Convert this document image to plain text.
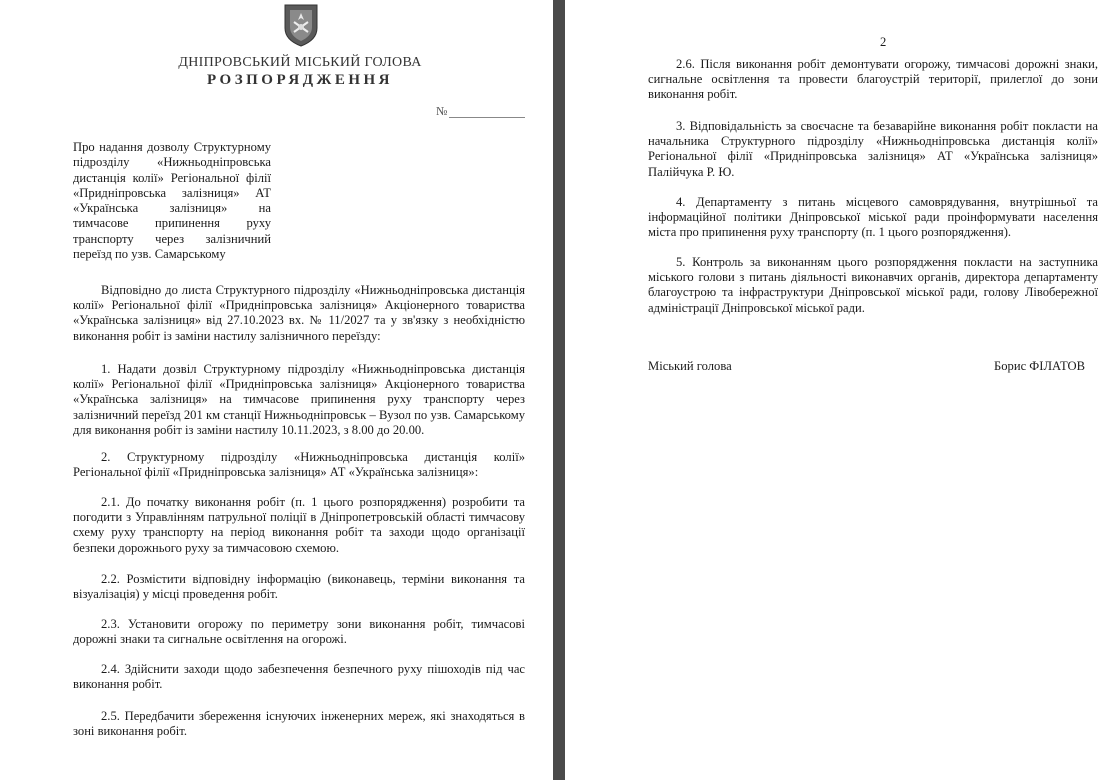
ДНІПРОВСЬКИЙ МІСЬКИЙ ГОЛОВА
РОЗПОРЯДЖЕННЯ
№

Про надання дозволу Структурному підрозділу «Нижньодніпровська дистанція колії» Регіональної філії «Придніпровська залізниця» АТ «Українська залізниця» на тимчасове припинення руху транспорту через залізничний переїзд по узв. Самарському

Відповідно до листа Структурного підрозділу «Нижньодніпровська дистанція колії» Регіональної філії «Придніпровська залізниця» Акціонерного товариства «Українська залізниця» від 27.10.2023 вх. № 11/2027 та у зв'язку з необхідністю виконання робіт із заміни настилу залізничного переїзду:

1. Надати дозвіл Структурному підрозділу «Нижньодніпровська дистанція колії» Регіональної філії «Придніпровська залізниця» Акціонерного товариства «Українська залізниця» на тимчасове припинення руху транспорту через залізничний переїзд 201 км станції Нижньодніпровськ – Вузол по узв. Самарському для виконання робіт із заміни настилу 10.11.2023, з 8.00 до 20.00.

2. Структурному підрозділу «Нижньодніпровська дистанція колії» Регіональної філії «Придніпровська залізниця» АТ «Українська залізниця»:

2.1. До початку виконання робіт (п. 1 цього розпорядження) розробити та погодити з Управлінням патрульної поліції в Дніпропетровській області тимчасову схему руху транспорту на період виконання робіт та заходи щодо організації безпеки дорожнього руху за тимчасовою схемою.

2.2. Розмістити відповідну інформацію (виконавець, терміни виконання та візуалізація) у місці проведення робіт.

2.3. Установити огорожу по периметру зони виконання робіт, тимчасові дорожні знаки та сигнальне освітлення на огорожі.

2.4. Здійснити заходи щодо забезпечення безпечного руху пішоходів під час виконання робіт.

2.5. Передбачити збереження існуючих інженерних мереж, які знаходяться в зоні виконання робіт.

2

2.6. Після виконання робіт демонтувати огорожу, тимчасові дорожні знаки, сигнальне освітлення та провести благоустрій території, прилеглої до зони виконання робіт.

3. Відповідальність за своєчасне та безаварійне виконання робіт покласти на начальника Структурного підрозділу «Нижньодніпровська дистанція колії» Регіональної філії «Придніпровська залізниця» АТ «Українська залізниця» Палійчука Р. Ю.

4. Департаменту з питань місцевого самоврядування, внутрішньої та інформаційної політики Дніпровської міської ради проінформувати населення міста про припинення руху транспорту (п. 1 цього розпорядження).

5. Контроль за виконанням цього розпорядження покласти на заступника міського голови з питань діяльності виконавчих органів, директора департаменту благоустрою та інфраструктури Дніпровської міської ради, голову Лівобережної адміністрації Дніпровської міської ради.

Міський голова	Борис ФІЛАТОВ
